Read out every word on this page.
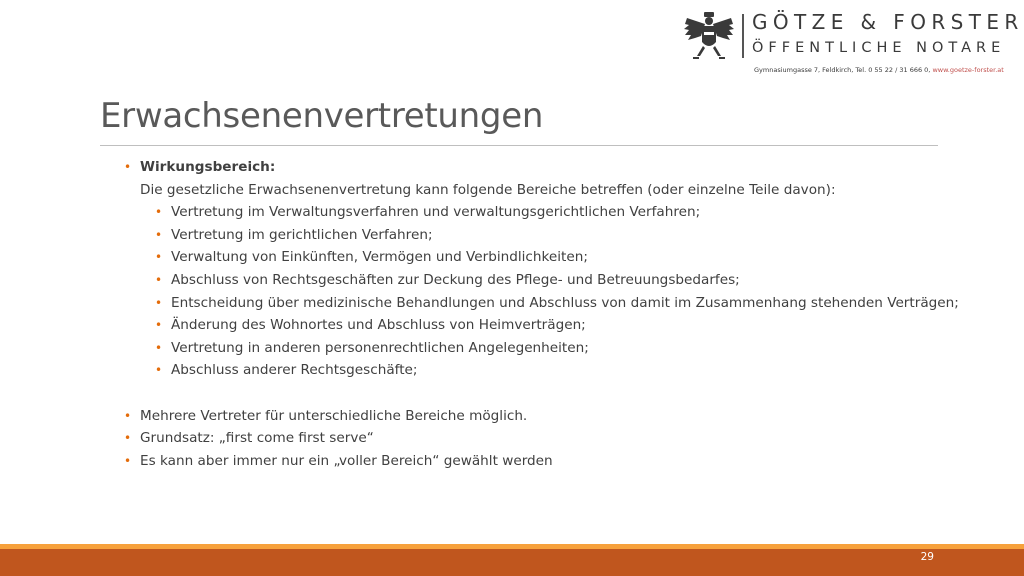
GÖTZE & FORSTER
ÖFFENTLICHE NOTARE
Gymnasiumgasse 7, Feldkirch, Tel. 0 55 22 / 31 666 0, www.goetze-forster.at
Erwachsenenvertretungen
• Wirkungsbereich:
Die gesetzliche Erwachsenenvertretung kann folgende Bereiche betreffen (oder einzelne Teile davon):
• Vertretung im Verwaltungsverfahren und verwaltungsgerichtlichen Verfahren;
• Vertretung im gerichtlichen Verfahren;
• Verwaltung von Einkünften, Vermögen und Verbindlichkeiten;
• Abschluss von Rechtsgeschäften zur Deckung des Pflege- und Betreuungsbedarfes;
• Entscheidung über medizinische Behandlungen und Abschluss von damit im Zusammenhang stehenden Verträgen;
• Änderung des Wohnortes und Abschluss von Heimverträgen;
• Vertretung in anderen personenrechtlichen Angelegenheiten;
• Abschluss anderer Rechtsgeschäfte;
• Mehrere Vertreter für unterschiedliche Bereiche möglich.
• Grundsatz: „first come first serve“
• Es kann aber immer nur ein „voller Bereich“ gewählt werden
29
